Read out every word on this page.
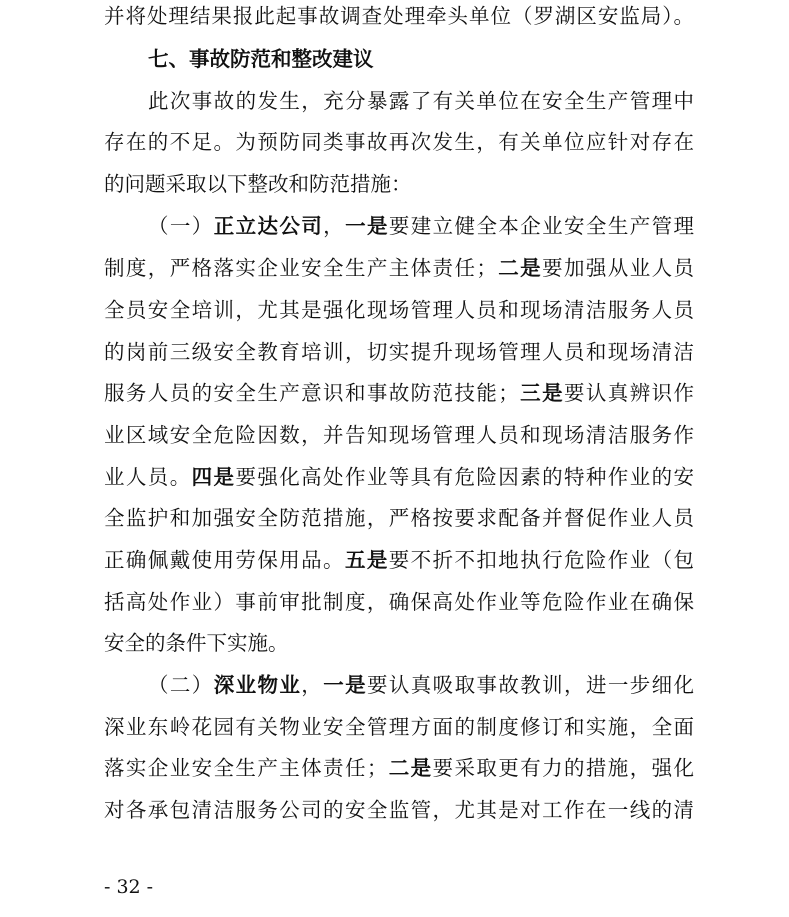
并将处理结果报此起事故调查处理牵头单位（罗湖区安监局）。
七、事故防范和整改建议
此次事故的发生，充分暴露了有关单位在安全生产管理中
存在的不足。为预防同类事故再次发生，有关单位应针对存在
的问题采取以下整改和防范措施：
（一）正立达公司，一是要建立健全本企业安全生产管理
制度，严格落实企业安全生产主体责任；二是要加强从业人员
全员安全培训，尤其是强化现场管理人员和现场清洁服务人员
的岗前三级安全教育培训，切实提升现场管理人员和现场清洁
服务人员的安全生产意识和事故防范技能；三是要认真辨识作
业区域安全危险因数，并告知现场管理人员和现场清洁服务作
业人员。四是要强化高处作业等具有危险因素的特种作业的安
全监护和加强安全防范措施，严格按要求配备并督促作业人员
正确佩戴使用劳保用品。五是要不折不扣地执行危险作业（包
括高处作业）事前审批制度，确保高处作业等危险作业在确保
安全的条件下实施。
（二）深业物业，一是要认真吸取事故教训，进一步细化
深业东岭花园有关物业安全管理方面的制度修订和实施，全面
落实企业安全生产主体责任；二是要采取更有力的措施，强化
对各承包清洁服务公司的安全监管，尤其是对工作在一线的清
- 32 -
